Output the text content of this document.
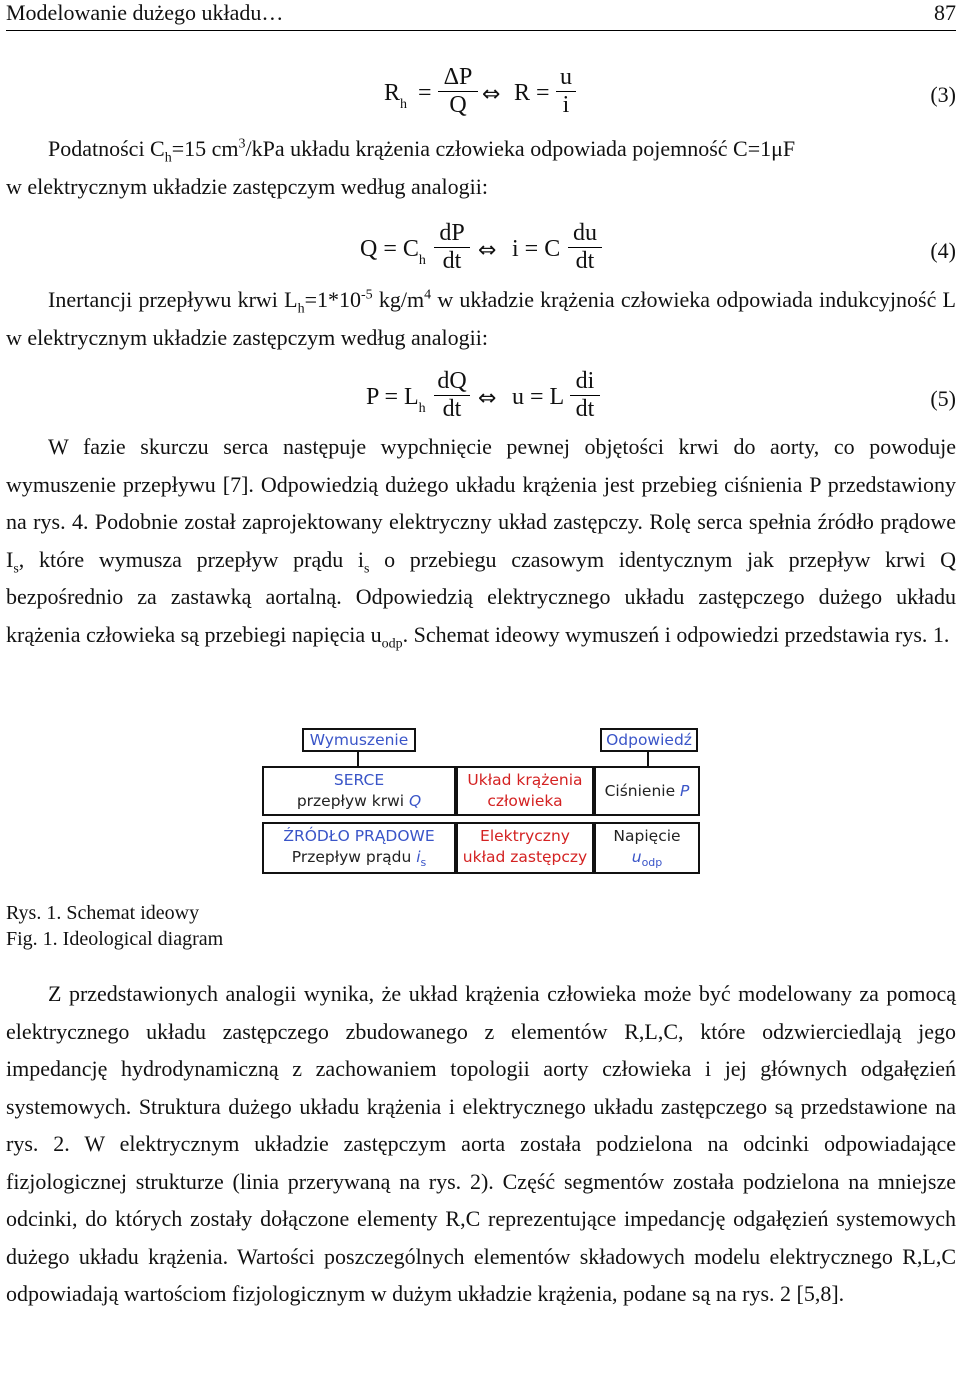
Modelowanie dużego układu…	87
$R_h = \frac{\Delta P}{Q}$ ⇔ $R = \frac{u}{i}$	(3)

Podatności $C_h=15$ $cm^3$/kPa układu krążenia człowieka odpowiada pojemność C=1μF
w elektrycznym układzie zastępczym według analogii:

$Q = C_h \frac{dP}{dt}$ ⇔ i = C $\frac{du}{dt}$	(4)

Inertancji przepływu krwi $L_h=1*10^{-5}$ $kg/m^4$ w układzie krążenia człowieka odpowiada indukcyjność L w elektrycznym układzie zastępczym według analogii:

$P = L_h \frac{dQ}{dt}$ ⇔ u = L $\frac{di}{dt}$	(5)

W fazie skurczu serca następuje wypchnięcie pewnej objętości krwi do aorty, co powoduje wymuszenie przepływu [7]. Odpowiedzią dużego układu krążenia jest przebieg ciśnienia P przedstawiony na rys. 4. Podobnie został zaprojektowany elektryczny układ zastępczy. Rolę serca spełnia źródło prądowe $I_s$, które wymusza przepływ prądu $i_s$ o przebiegu czasowym identycznym jak przepływ krwi Q bezpośrednio za zastawką aortalną. Odpowiedzią elektrycznego układu zastępczego dużego układu krążenia człowieka są przebiegi napięcia $u_{odp}$. Schemat ideowy wymuszeń i odpowiedzi przedstawia rys. 1.

Wymuszenie	Odpowiedź
SERCE
przepływ krwi Q
Układ krążenia
człowieka
Ciśnienie P
ŹRÓDŁO PRĄDOWE
Przepływ prądu $i_s$
Elektryczny
układ zastępczy
Napięcie
$u_{odp}$
Rys. 1. Schemat ideowy
Fig. 1. Ideological diagram

Z przedstawionych analogii wynika, że układ krążenia człowieka może być modelowany za pomocą elektrycznego układu zastępczego zbudowanego z elementów R,L,C, które odzwierciedlają jego impedancję hydrodynamiczną z zachowaniem topologii aorty człowieka i jej głównych odgałęzień systemowych. Struktura dużego układu krążenia i elektrycznego układu zastępczego są przedstawione na rys. 2. W elektrycznym układzie zastępczym aorta została podzielona na odcinki odpowiadające fizjologicznej strukturze (linia przerywaną na rys. 2). Część segmentów została podzielona na mniejsze odcinki, do których zostały dołączone elementy R,C reprezentujące impedancję odgałęzień systemowych dużego układu krążenia. Wartości poszczególnych elementów składowych modelu elektrycznego R,L,C odpowiadają wartościom fizjologicznym w dużym układzie krążenia, podane są na rys. 2 [5,8].
